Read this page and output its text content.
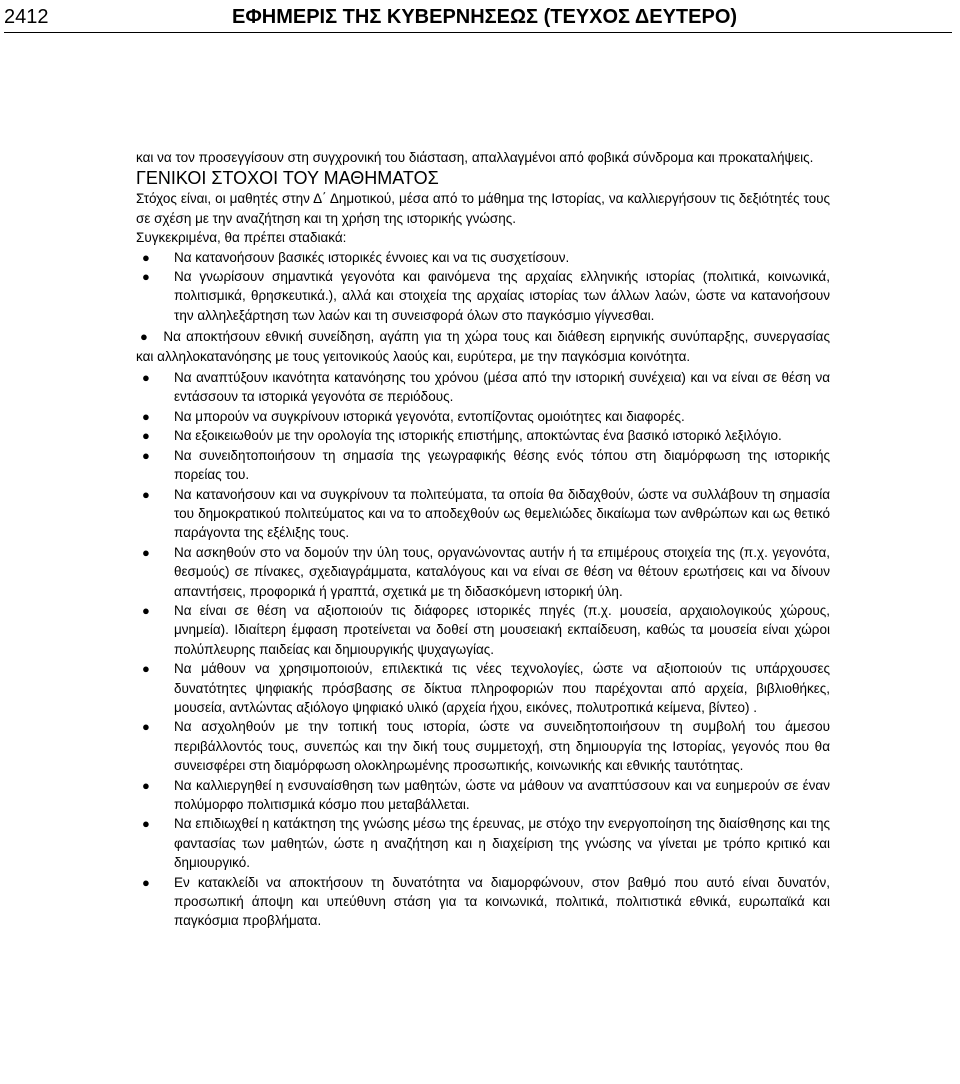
2412	ΕΦΗΜΕΡΙΣ ΤΗΣ ΚΥΒΕΡΝΗΣΕΩΣ (ΤΕΥΧΟΣ ΔΕΥΤΕΡΟ)

και να τον προσεγγίσουν στη συγχρονική του διάσταση, απαλλαγμένοι από φοβικά σύνδρομα και προκαταλήψεις.

ΓΕΝΙΚΟΙ ΣΤΟΧΟΙ ΤΟΥ ΜΑΘΗΜΑΤΟΣ

Στόχος είναι, οι μαθητές στην Δ΄ Δημοτικού, μέσα από το μάθημα της Ιστορίας, να καλλιεργήσουν τις δεξιότητές τους σε σχέση με την αναζήτηση και τη χρήση της ιστορικής γνώσης.

Συγκεκριμένα, θα πρέπει σταδιακά:

● Να κατανοήσουν βασικές ιστορικές έννοιες και να τις συσχετίσουν.
● Να γνωρίσουν σημαντικά γεγονότα και φαινόμενα της αρχαίας ελληνικής ιστορίας (πολιτικά, κοινωνικά, πολιτισμικά, θρησκευτικά.), αλλά και στοιχεία της αρχαίας ιστορίας των άλλων λαών, ώστε να κατανοήσουν την αλληλεξάρτηση των λαών και τη συνεισφορά όλων στο παγκόσμιο γίγνεσθαι.
● Να αποκτήσουν εθνική συνείδηση, αγάπη για τη χώρα τους και διάθεση ειρηνικής συνύπαρξης, συνεργασίας και αλληλοκατανόησης με τους γειτονικούς λαούς και, ευρύτερα, με την παγκόσμια κοινότητα.
● Να αναπτύξουν ικανότητα κατανόησης του χρόνου (μέσα από την ιστορική συνέχεια) και να είναι σε θέση να εντάσσουν τα ιστορικά γεγονότα σε περιόδους.
● Να μπορούν να συγκρίνουν ιστορικά γεγονότα, εντοπίζοντας ομοιότητες και διαφορές.
● Να εξοικειωθούν με την ορολογία της ιστορικής επιστήμης, αποκτώντας ένα βασικό ιστορικό λεξιλόγιο.
● Να συνειδητοποιήσουν τη σημασία της γεωγραφικής θέσης ενός τόπου στη διαμόρφωση της ιστορικής πορείας του.
● Να κατανοήσουν και να συγκρίνουν τα πολιτεύματα, τα οποία θα διδαχθούν, ώστε να συλλάβουν τη σημασία του δημοκρατικού πολιτεύματος και να το αποδεχθούν ως θεμελιώδες δικαίωμα των ανθρώπων και ως θετικό παράγοντα της εξέλιξης τους.
● Να ασκηθούν στο να δομούν την ύλη τους, οργανώνοντας αυτήν ή τα επιμέρους στοιχεία της (π.χ. γεγονότα, θεσμούς) σε πίνακες, σχεδιαγράμματα, καταλόγους και να είναι σε θέση να θέτουν ερωτήσεις και να δίνουν απαντήσεις, προφορικά ή γραπτά, σχετικά με τη διδασκόμενη ιστορική ύλη.
● Να είναι σε θέση να αξιοποιούν τις διάφορες ιστορικές πηγές (π.χ. μουσεία, αρχαιολογικούς χώρους, μνημεία). Ιδιαίτερη έμφαση προτείνεται να δοθεί στη μουσειακή εκπαίδευση, καθώς τα μουσεία είναι χώροι πολύπλευρης παιδείας και δημιουργικής ψυχαγωγίας.
● Να μάθουν να χρησιμοποιούν, επιλεκτικά τις νέες τεχνολογίες, ώστε να αξιοποιούν τις υπάρχουσες δυνατότητες ψηφιακής πρόσβασης σε δίκτυα πληροφοριών που παρέχονται από αρχεία, βιβλιοθήκες, μουσεία, αντλώντας αξιόλογο ψηφιακό υλικό (αρχεία ήχου, εικόνες, πολυτροπικά κείμενα, βίντεο) .
● Να ασχοληθούν με την τοπική τους ιστορία, ώστε να συνειδητοποιήσουν τη συμβολή του άμεσου περιβάλλοντός τους, συνεπώς και την δική τους συμμετοχή, στη δημιουργία της Ιστορίας, γεγονός που θα συνεισφέρει στη διαμόρφωση ολοκληρωμένης προσωπικής, κοινωνικής και εθνικής ταυτότητας.
● Να καλλιεργηθεί η ενσυναίσθηση των μαθητών, ώστε να μάθουν να αναπτύσσουν και να ευημερούν σε έναν πολύμορφο πολιτισμικά κόσμο που μεταβάλλεται.
● Να επιδιωχθεί η κατάκτηση της γνώσης μέσω της έρευνας, με στόχο την ενεργοποίηση της διαίσθησης και της φαντασίας των μαθητών, ώστε η αναζήτηση και η διαχείριση της γνώσης να γίνεται με τρόπο κριτικό και δημιουργικό.
● Εν κατακλείδι να αποκτήσουν τη δυνατότητα να διαμορφώνουν, στον βαθμό που αυτό είναι δυνατόν, προσωπική άποψη και υπεύθυνη στάση για τα κοινωνικά, πολιτικά, πολιτιστικά εθνικά, ευρωπαϊκά και παγκόσμια προβλήματα.
